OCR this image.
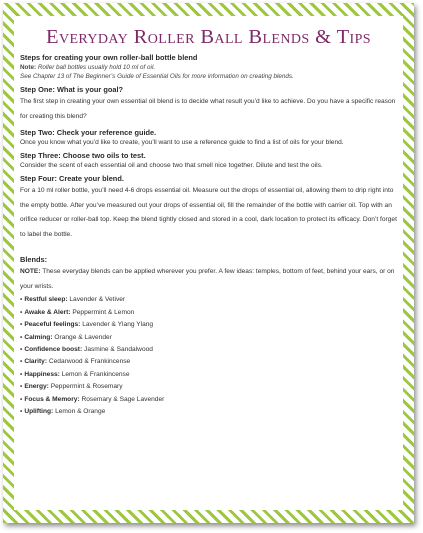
Everyday Roller Ball Blends & Tips
Steps for creating your own roller-ball bottle blend
Note: Roller ball bottles usually hold 10 ml of oil.
See Chapter 13 of The Beginner’s Guide of Essential Oils for more information on creating blends.
Step One: What is your goal?

The first step in creating your own essential oil blend is to decide what result you’d like to achieve. Do you have a specific reason for creating this blend?

Step Two: Check your reference guide.

Once you know what you’d like to create, you’ll want to use a reference guide to find a list of oils for your blend.

Step Three: Choose two oils to test.

Consider the scent of each essential oil and choose two that smell nice together. Dilute and test the oils.

Step Four: Create your blend.

For a 10 ml roller bottle, you’ll need 4-6 drops essential oil. Measure out the drops of essential oil, allowing them to drip right into the empty bottle. After you’ve measured out your drops of essential oil, fill the remainder of the bottle with carrier oil. Top with an orifice reducer or roller-ball top. Keep the blend tightly closed and stored in a cool, dark location to protect its efficacy. Don’t forget to label the bottle.

Blends:

NOTE: These everyday blends can be applied wherever you prefer. A few ideas: temples, bottom of feet, behind your ears, or on your wrists.

• Restful sleep: Lavender & Vetiver
• Awake & Alert: Peppermint & Lemon
• Peaceful feelings: Lavender & Ylang Ylang
• Calming: Orange & Lavender
• Confidence boost: Jasmine & Sandalwood
• Clarity: Cedarwood & Frankincense
• Happiness: Lemon & Frankincense
• Energy: Peppermint & Rosemary
• Focus & Memory: Rosemary & Sage Lavender
• Uplifting: Lemon & Orange
